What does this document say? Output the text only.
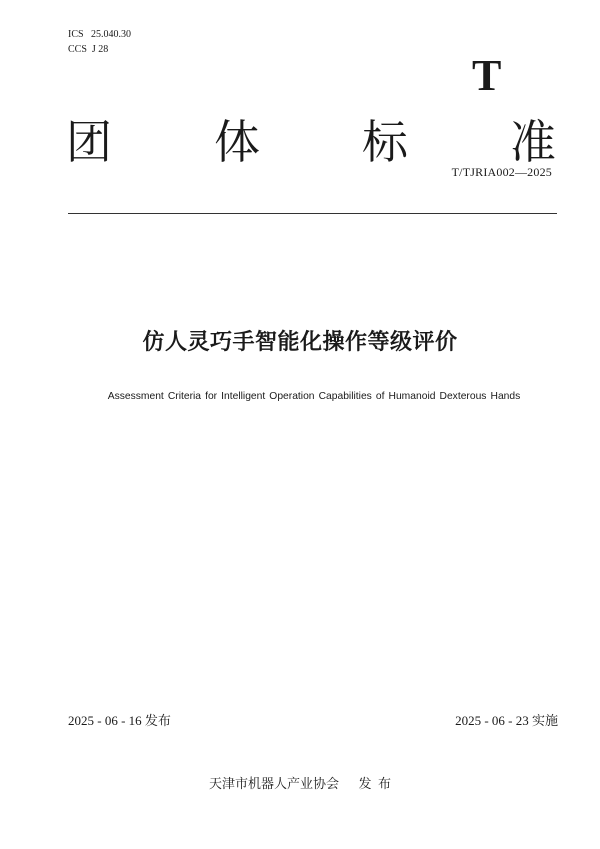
ICS   25.040.30
CCS  J 28
T
团 体 标 准
T/TJRIA002—2025
仿人灵巧手智能化操作等级评价
Assessment Criteria for Intelligent Operation Capabilities of Humanoid Dexterous Hands
2025 - 06 - 16 发布	2025 - 06 - 23 实施
天津市机器人产业协会      发  布
